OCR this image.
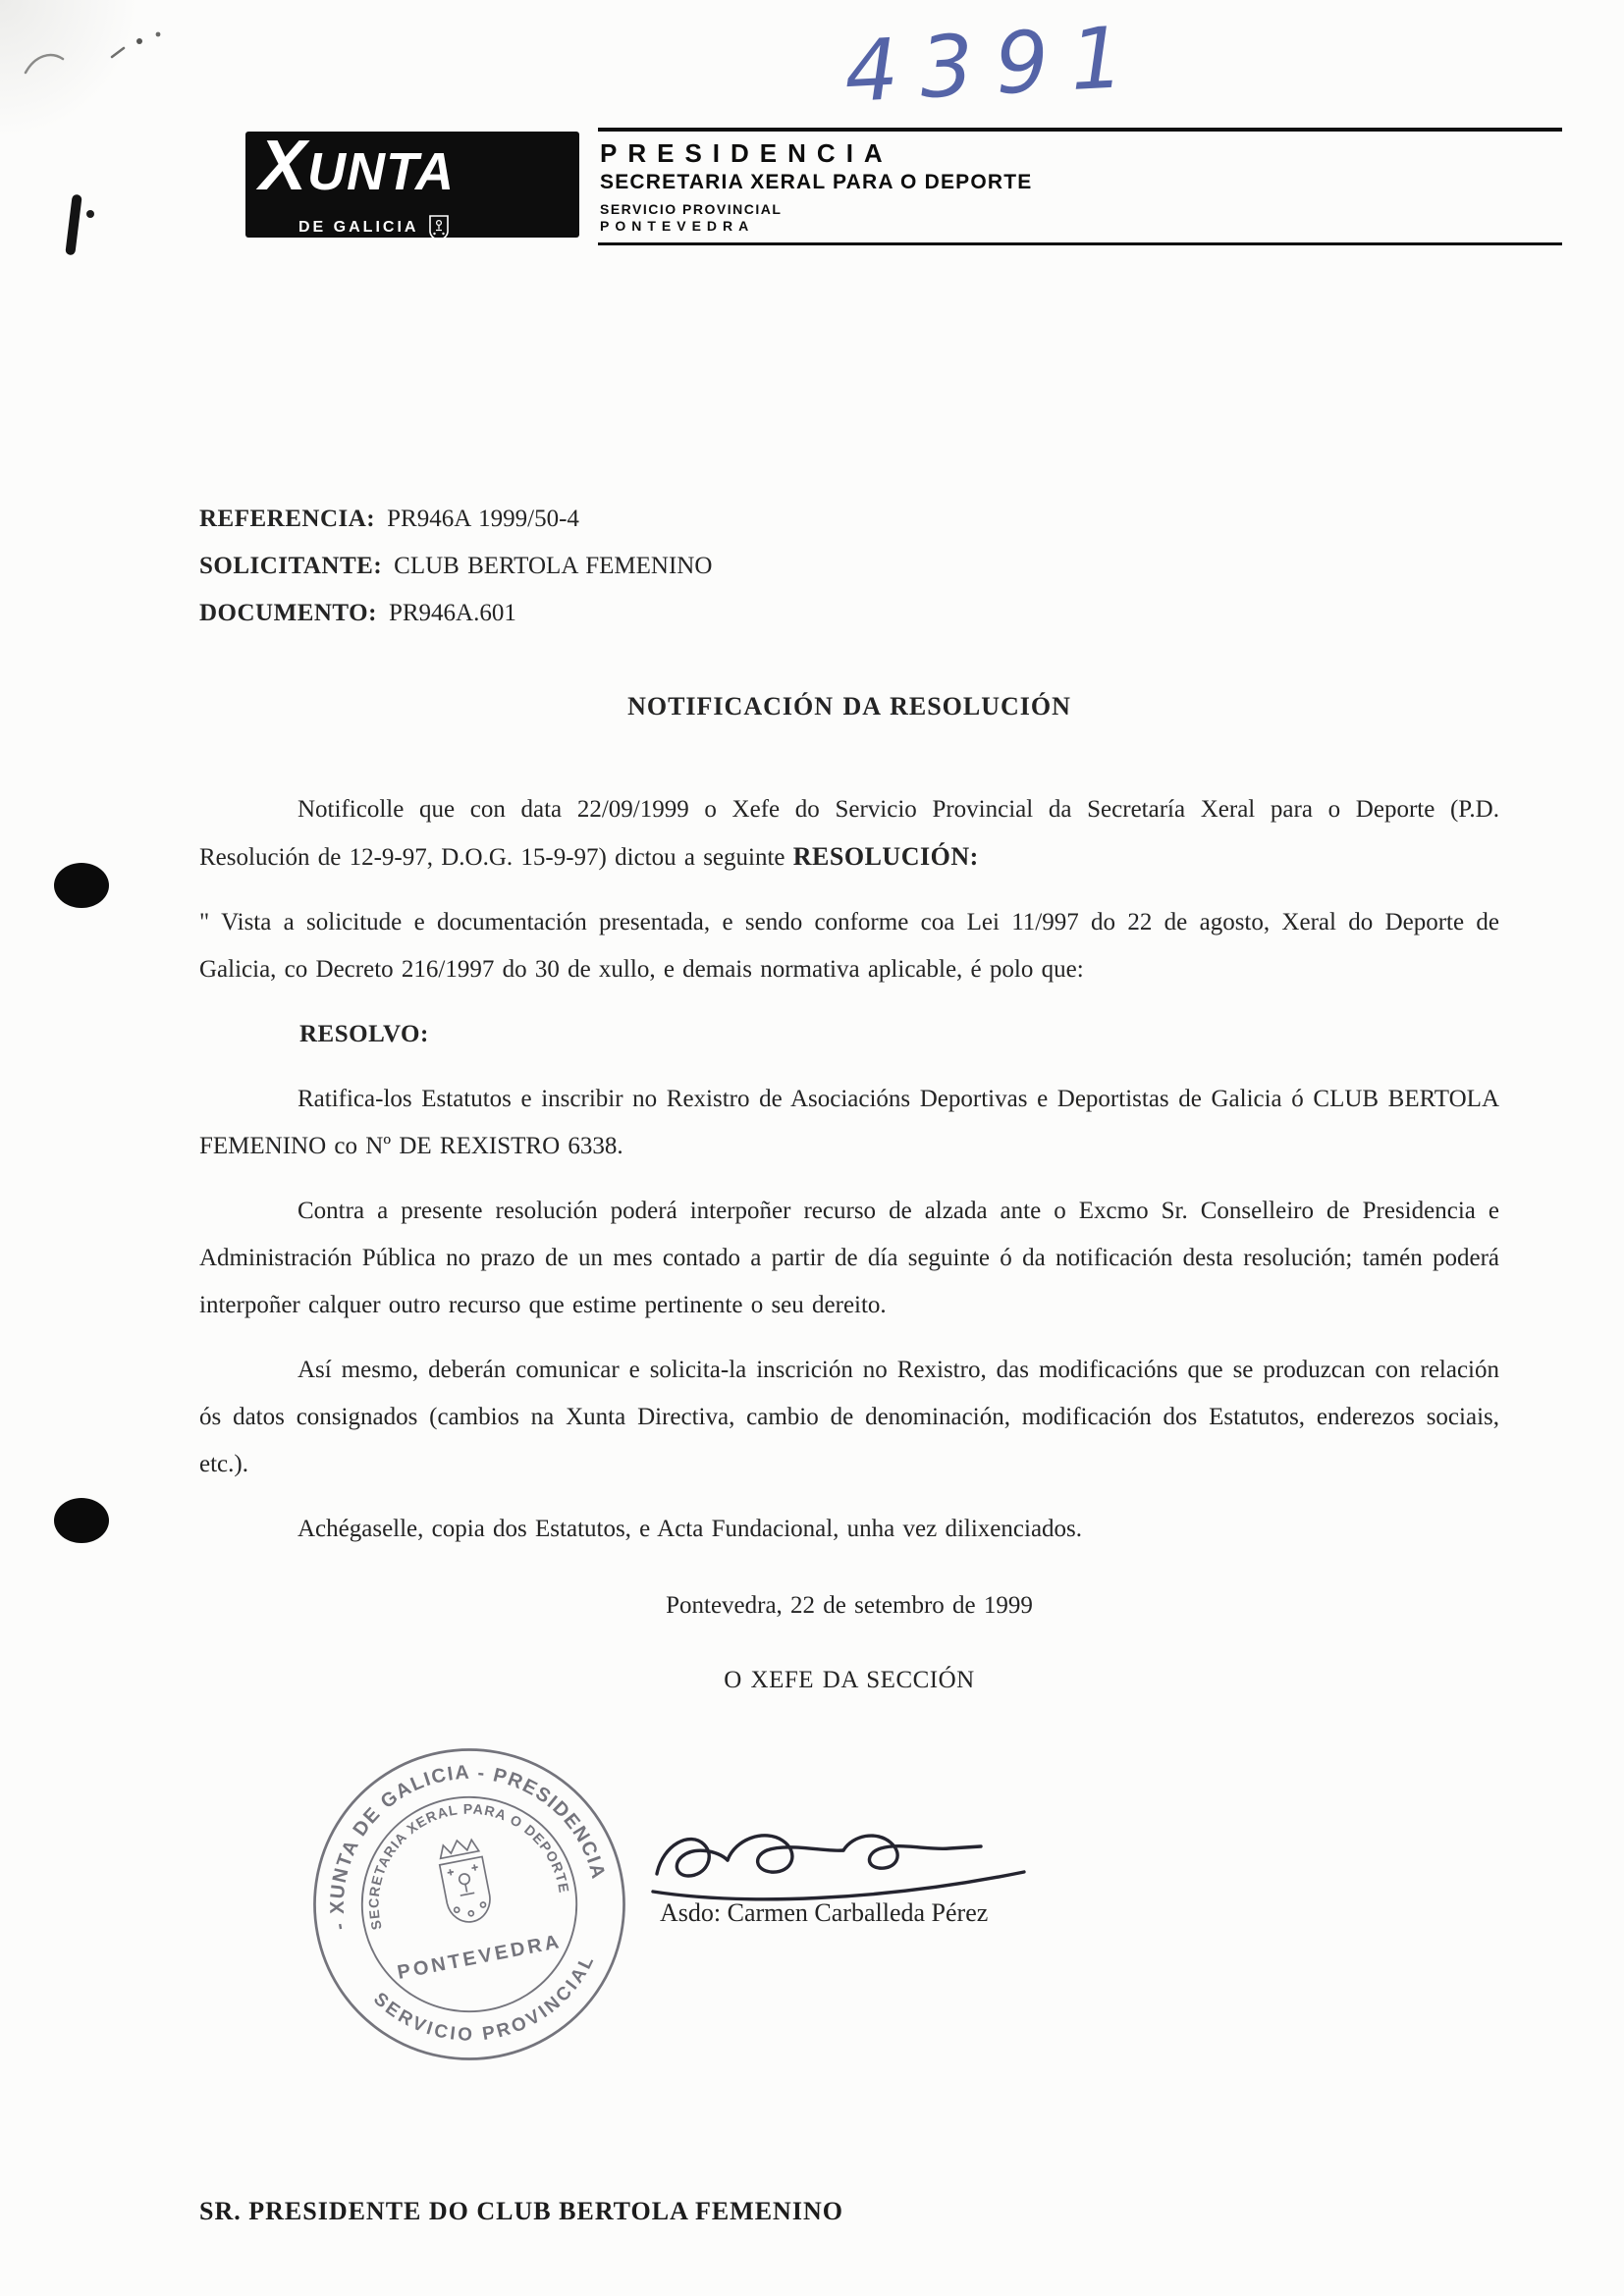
4391
XUNTA
DE GALICIA
PRESIDENCIA
SECRETARIA XERAL PARA O DEPORTE
SERVICIO PROVINCIAL
PONTEVEDRA
REFERENCIA: PR946A 1999/50-4
SOLICITANTE: CLUB BERTOLA FEMENINO
DOCUMENTO: PR946A.601
NOTIFICACIÓN DA RESOLUCIÓN

Notificolle que con data 22/09/1999 o Xefe do Servicio Provincial da Secretaría Xeral para o Deporte (P.D. Resolución de 12-9-97, D.O.G. 15-9-97) dictou a seguinte RESOLUCIÓN:

" Vista a solicitude e documentación presentada, e sendo conforme coa Lei 11/997 do 22 de agosto, Xeral do Deporte de Galicia, co Decreto 216/1997 do 30 de xullo, e demais normativa aplicable, é polo que:

RESOLVO:

Ratifica-los Estatutos e inscribir no Rexistro de Asociacións Deportivas e Deportistas de Galicia ó CLUB BERTOLA FEMENINO co Nº DE REXISTRO 6338.

Contra a presente resolución poderá interpoñer recurso de alzada ante o Excmo Sr. Conselleiro de Presidencia e Administración Pública no prazo de un mes contado a partir de día seguinte ó da notificación desta resolución; tamén poderá interpoñer calquer outro recurso que estime pertinente o seu dereito.

Así mesmo, deberán comunicar e solicita-la inscrición no Rexistro, das modificacións que se produzcan con relación ós datos consignados (cambios na Xunta Directiva, cambio de denominación, modificación dos Estatutos, enderezos sociais, etc.).

Achégaselle, copia dos Estatutos, e Acta Fundacional, unha vez dilixenciados.

Pontevedra, 22 de setembro de 1999
O XEFE DA SECCIÓN
- XUNTA DE GALICIA - PRESIDENCIA
SECRETARIA XERAL PARA O DEPORTE
SERVICIO PROVINCIAL
PONTEVEDRA
Asdo: Carmen Carballeda Pérez
SR. PRESIDENTE DO CLUB BERTOLA FEMENINO
